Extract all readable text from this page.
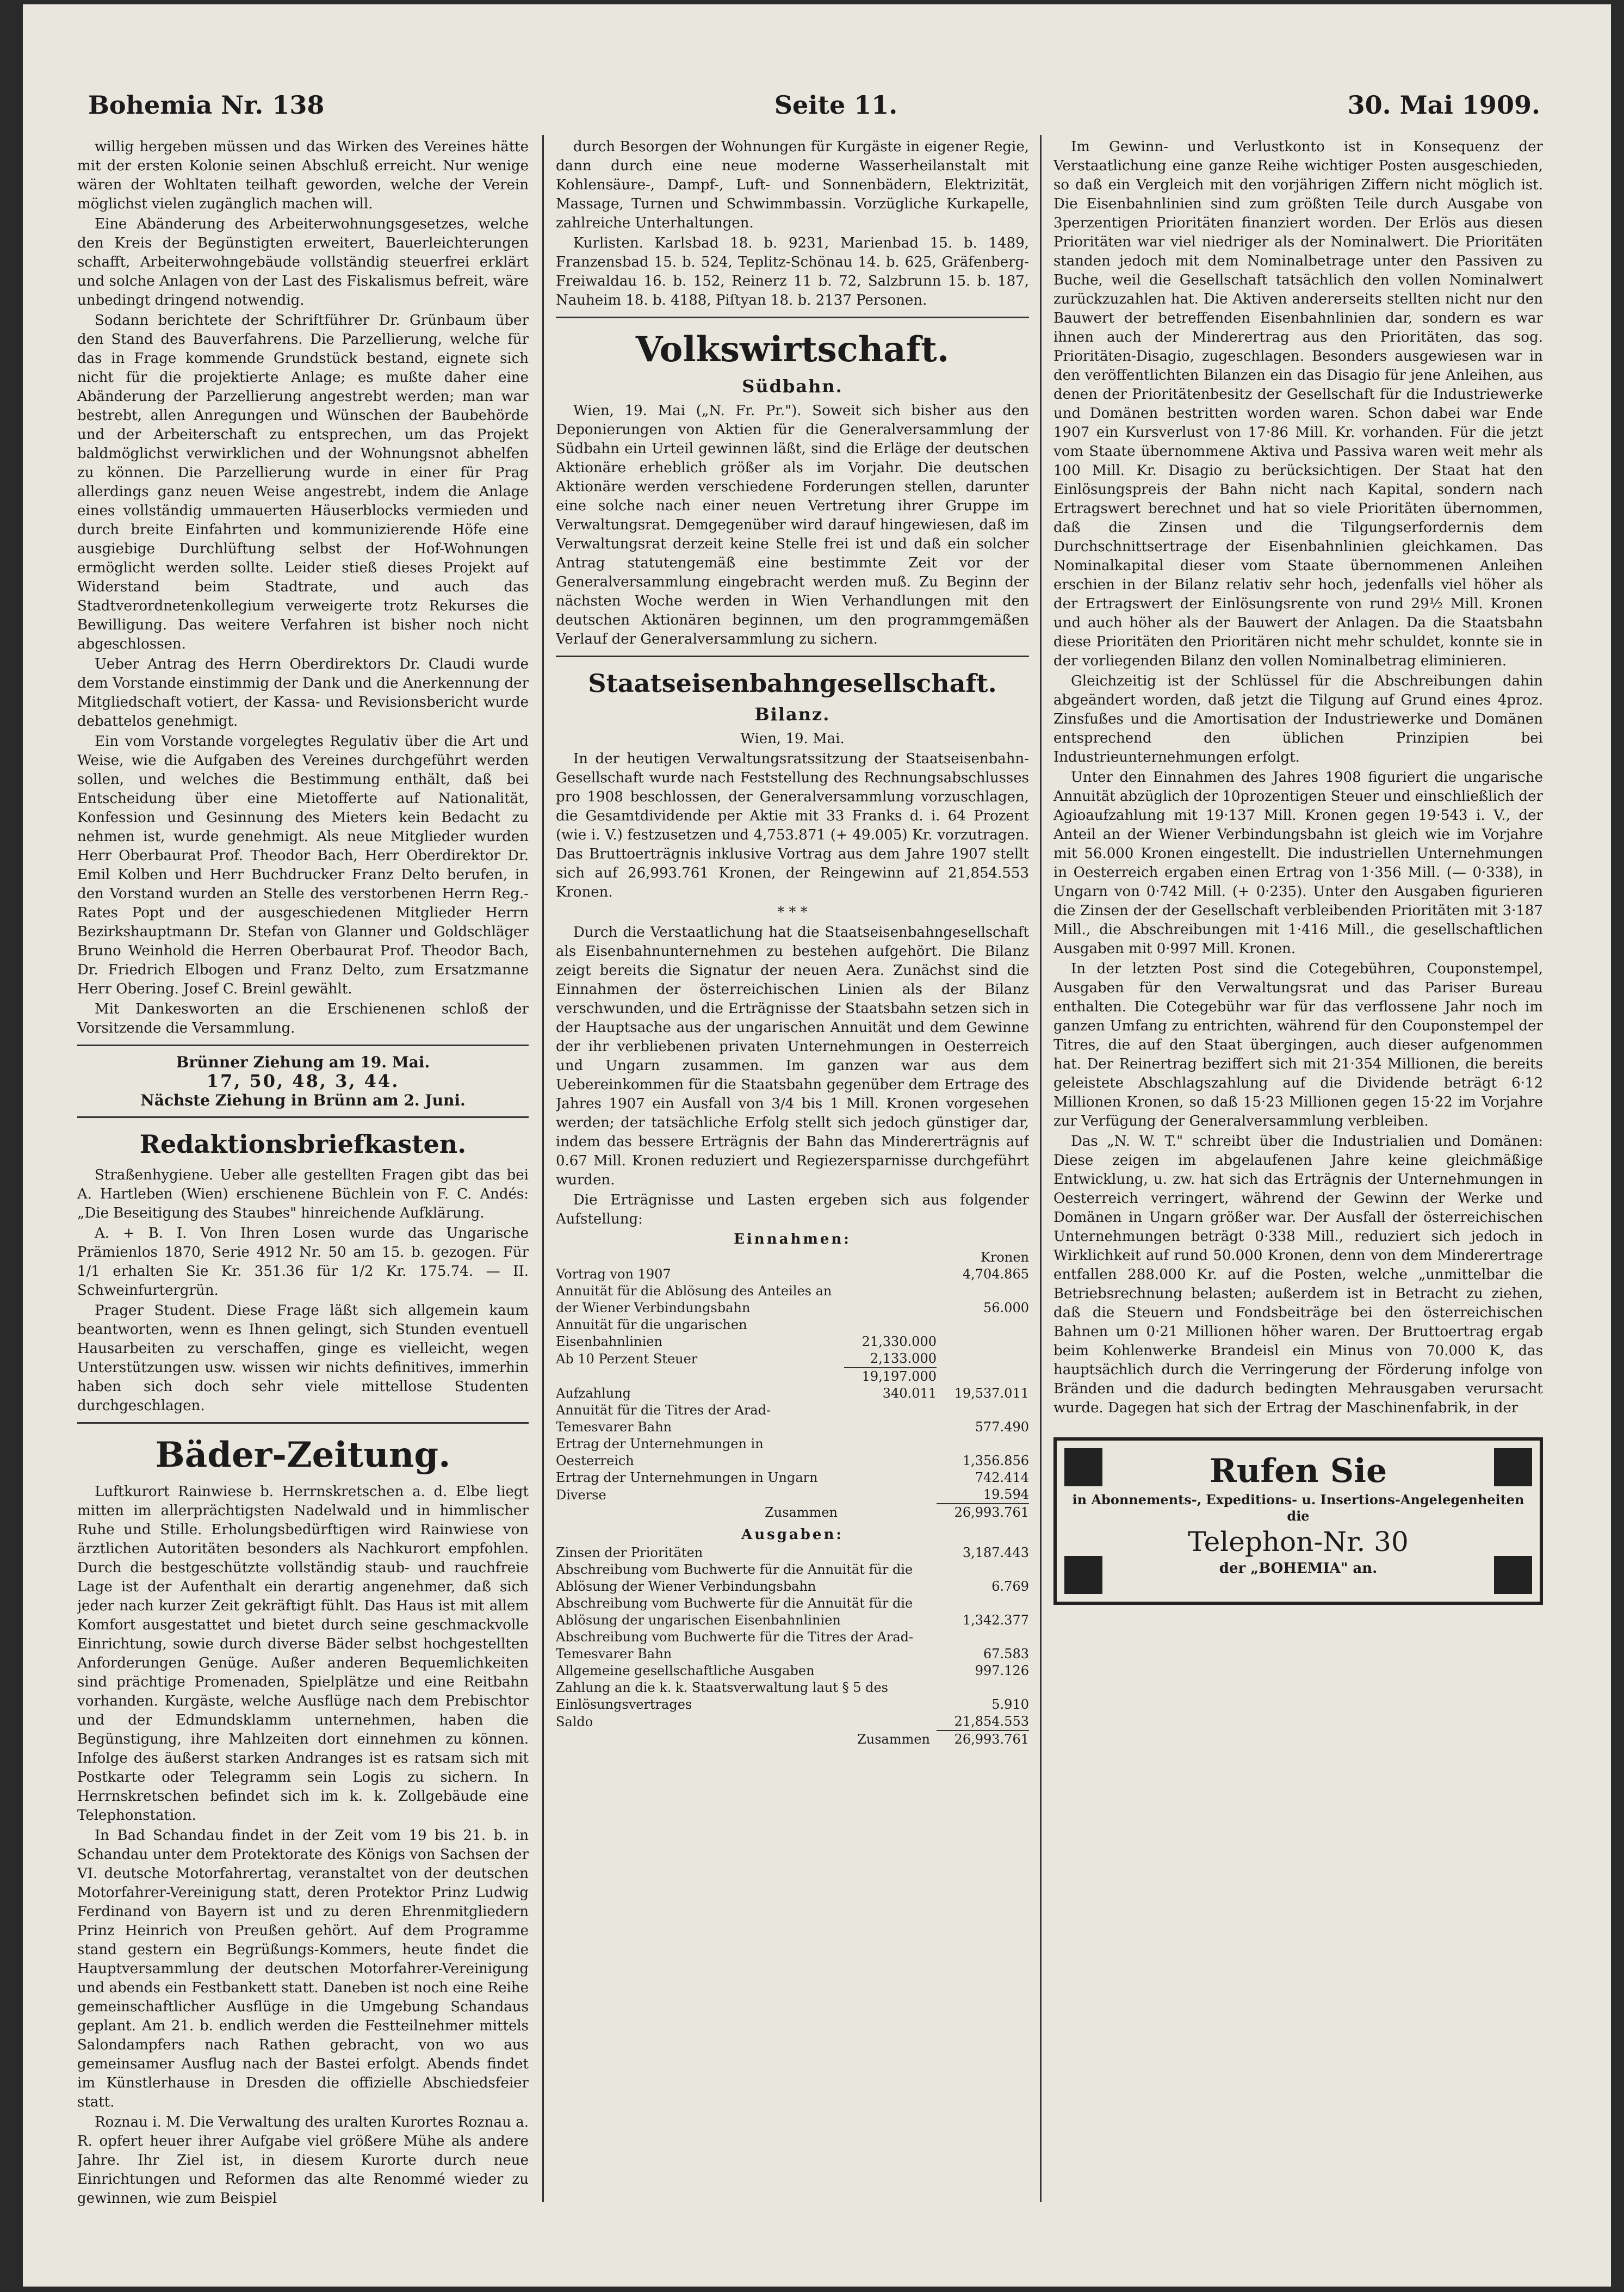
Bohemia Nr. 138	Seite 11.	30. Mai 1909.

willig hergeben müssen und das Wirken des Vereines hätte mit der ersten Kolonie seinen Abschluß erreicht. Nur wenige wären der Wohltaten teilhaft geworden, welche der Verein möglichst vielen zugänglich machen will.

Eine Abänderung des Arbeiterwohnungsgesetzes, welche den Kreis der Begünstigten erweitert, Bauerleichterungen schafft, Arbeiterwohngebäude vollständig steuerfrei erklärt und solche Anlagen von der Last des Fiskalismus befreit, wäre unbedingt dringend notwendig.

Sodann berichtete der Schriftführer Dr. Grünbaum über den Stand des Bauverfahrens. Die Parzellierung, welche für das in Frage kommende Grundstück bestand, eignete sich nicht für die projektierte Anlage; es mußte daher eine Abänderung der Parzellierung angestrebt werden; man war bestrebt, allen Anregungen und Wünschen der Baubehörde und der Arbeiterschaft zu entsprechen, um das Projekt baldmöglichst verwirklichen und der Wohnungsnot abhelfen zu können. Die Parzellierung wurde in einer für Prag allerdings ganz neuen Weise angestrebt, indem die Anlage eines vollständig ummauerten Häuserblocks vermieden und durch breite Einfahrten und kommunizierende Höfe eine ausgiebige Durchlüftung selbst der Hof-Wohnungen ermöglicht werden sollte. Leider stieß dieses Projekt auf Widerstand beim Stadtrate, und auch das Stadtverordnetenkollegium verweigerte trotz Rekurses die Bewilligung. Das weitere Verfahren ist bisher noch nicht abgeschlossen.

Ueber Antrag des Herrn Oberdirektors Dr. Claudi wurde dem Vorstande einstimmig der Dank und die Anerkennung der Mitgliedschaft votiert, der Kassa- und Revisionsbericht wurde debattelos genehmigt.

Ein vom Vorstande vorgelegtes Regulativ über die Art und Weise, wie die Aufgaben des Vereines durchgeführt werden sollen, und welches die Bestimmung enthält, daß bei Entscheidung über eine Mietofferte auf Nationalität, Konfession und Gesinnung des Mieters kein Bedacht zu nehmen ist, wurde genehmigt. Als neue Mitglieder wurden Herr Oberbaurat Prof. Theodor Bach, Herr Oberdirektor Dr. Emil Kolben und Herr Buchdrucker Franz Delto berufen, in den Vorstand wurden an Stelle des verstorbenen Herrn Reg.-Rates Popt und der ausgeschiedenen Mitglieder Herrn Bezirkshauptmann Dr. Stefan von Glanner und Goldschläger Bruno Weinhold die Herren Oberbaurat Prof. Theodor Bach, Dr. Friedrich Elbogen und Franz Delto, zum Ersatzmanne Herr Obering. Josef C. Breinl gewählt.

Mit Dankesworten an die Erschienenen schloß der Vorsitzende die Versammlung.

Brünner Ziehung am 19. Mai.
17, 50, 48, 3, 44.
Nächste Ziehung in Brünn am 2. Juni.
Redaktionsbriefkasten.

Straßenhygiene. Ueber alle gestellten Fragen gibt das bei A. Hartleben (Wien) erschienene Büchlein von F. C. Andés: „Die Beseitigung des Staubes" hinreichende Aufklärung.

A. + B. I. Von Ihren Losen wurde das Ungarische Prämienlos 1870, Serie 4912 Nr. 50 am 15. b. gezogen. Für 1/1 erhalten Sie Kr. 351.36 für 1/2 Kr. 175.74. — II. Schweinfurtergrün.

Prager Student. Diese Frage läßt sich allgemein kaum beantworten, wenn es Ihnen gelingt, sich Stunden eventuell Hausarbeiten zu verschaffen, ginge es vielleicht, wegen Unterstützungen usw. wissen wir nichts definitives, immerhin haben sich doch sehr viele mittellose Studenten durchgeschlagen.

Bäder-Zeitung.

Luftkurort Rainwiese b. Herrnskretschen a. d. Elbe liegt mitten im allerprächtigsten Nadelwald und in himmlischer Ruhe und Stille. Erholungsbedürftigen wird Rainwiese von ärztlichen Autoritäten besonders als Nachkurort empfohlen. Durch die bestgeschützte vollständig staub- und rauchfreie Lage ist der Aufenthalt ein derartig angenehmer, daß sich jeder nach kurzer Zeit gekräftigt fühlt. Das Haus ist mit allem Komfort ausgestattet und bietet durch seine geschmackvolle Einrichtung, sowie durch diverse Bäder selbst hochgestellten Anforderungen Genüge. Außer anderen Bequemlichkeiten sind prächtige Promenaden, Spielplätze und eine Reitbahn vorhanden. Kurgäste, welche Ausflüge nach dem Prebischtor und der Edmundsklamm unternehmen, haben die Begünstigung, ihre Mahlzeiten dort einnehmen zu können. Infolge des äußerst starken Andranges ist es ratsam sich mit Postkarte oder Telegramm sein Logis zu sichern. In Herrnskretschen befindet sich im k. k. Zollgebäude eine Telephonstation.

In Bad Schandau findet in der Zeit vom 19 bis 21. b. in Schandau unter dem Protektorate des Königs von Sachsen der VI. deutsche Motorfahrertag, veranstaltet von der deutschen Motorfahrer-Vereinigung statt, deren Protektor Prinz Ludwig Ferdinand von Bayern ist und zu deren Ehrenmitgliedern Prinz Heinrich von Preußen gehört. Auf dem Programme stand gestern ein Begrüßungs-Kommers, heute findet die Hauptversammlung der deutschen Motorfahrer-Vereinigung und abends ein Festbankett statt. Daneben ist noch eine Reihe gemeinschaftlicher Ausflüge in die Umgebung Schandaus geplant. Am 21. b. endlich werden die Festteilnehmer mittels Salondampfers nach Rathen gebracht, von wo aus gemeinsamer Ausflug nach der Bastei erfolgt. Abends findet im Künstlerhause in Dresden die offizielle Abschiedsfeier statt.

Roznau i. M. Die Verwaltung des uralten Kurortes Roznau a. R. opfert heuer ihrer Aufgabe viel größere Mühe als andere Jahre. Ihr Ziel ist, in diesem Kurorte durch neue Einrichtungen und Reformen das alte Renommé wieder zu gewinnen, wie zum Beispiel

durch Besorgen der Wohnungen für Kurgäste in eigener Regie, dann durch eine neue moderne Wasserheilanstalt mit Kohlensäure-, Dampf-, Luft- und Sonnenbädern, Elektrizität, Massage, Turnen und Schwimmbassin. Vorzügliche Kurkapelle, zahlreiche Unterhaltungen.

Kurlisten. Karlsbad 18. b. 9231, Marienbad 15. b. 1489, Franzensbad 15. b. 524, Teplitz-Schönau 14. b. 625, Gräfenberg-Freiwaldau 16. b. 152, Reinerz 11 b. 72, Salzbrunn 15. b. 187, Nauheim 18. b. 4188, Piſtyan 18. b. 2137 Personen.

Volkswirtschaft.
Südbahn.

Wien, 19. Mai („N. Fr. Pr."). Soweit sich bisher aus den Deponierungen von Aktien für die Generalversammlung der Südbahn ein Urteil gewinnen läßt, sind die Erläge der deutschen Aktionäre erheblich größer als im Vorjahr. Die deutschen Aktionäre werden verschiedene Forderungen stellen, darunter eine solche nach einer neuen Vertretung ihrer Gruppe im Verwaltungsrat. Demgegenüber wird darauf hingewiesen, daß im Verwaltungsrat derzeit keine Stelle frei ist und daß ein solcher Antrag statutengemäß eine bestimmte Zeit vor der Generalversammlung eingebracht werden muß. Zu Beginn der nächsten Woche werden in Wien Verhandlungen mit den deutschen Aktionären beginnen, um den programmgemäßen Verlauf der Generalversammlung zu sichern.

Staatseisenbahngesellschaft.
Bilanz.

Wien, 19. Mai.

In der heutigen Verwaltungsratssitzung der Staatseisenbahn-Gesellschaft wurde nach Feststellung des Rechnungsabschlusses pro 1908 beschlossen, der Generalversammlung vorzuschlagen, die Gesamtdividende per Aktie mit 33 Franks d. i. 64 Prozent (wie i. V.) festzusetzen und 4,753.871 (+ 49.005) Kr. vorzutragen. Das Bruttoerträgnis inklusive Vortrag aus dem Jahre 1907 stellt sich auf 26,993.761 Kronen, der Reingewinn auf 21,854.553 Kronen.

* * *

Durch die Verstaatlichung hat die Staatseisenbahngesellschaft als Eisenbahnunternehmen zu bestehen aufgehört. Die Bilanz zeigt bereits die Signatur der neuen Aera. Zunächst sind die Einnahmen der österreichischen Linien als der Bilanz verschwunden, und die Erträgnisse der Staatsbahn setzen sich in der Hauptsache aus der ungarischen Annuität und dem Gewinne der ihr verbliebenen privaten Unternehmungen in Oesterreich und Ungarn zusammen. Im ganzen war aus dem Uebereinkommen für die Staatsbahn gegenüber dem Ertrage des Jahres 1907 ein Ausfall von 3/4 bis 1 Mill. Kronen vorgesehen werden; der tatsächliche Erfolg stellt sich jedoch günstiger dar, indem das bessere Erträgnis der Bahn das Mindererträgnis auf 0.67 Mill. Kronen reduziert und Regiezersparnisse durchgeführt wurden.

Die Erträgnisse und Lasten ergeben sich aus folgender Aufstellung:

Einnahmen:
		Kronen
Vortrag von 1907		4,704.865
Annuität für die Ablösung des Anteiles an der Wiener Verbindungsbahn		56.000
Annuität für die ungarischen Eisenbahnlinien	21,330.000	
Ab 10 Perzent Steuer	2,133.000	
	19,197.000	
Aufzahlung	340.011	19,537.011
Annuität für die Titres der Arad-Temesvarer Bahn		577.490
Ertrag der Unternehmungen in Oesterreich		1,356.856
Ertrag der Unternehmungen in Ungarn		742.414
Diverse		19.594
Zusammen		26,993.761
Ausgaben:
Zinsen der Prioritäten	3,187.443
Abschreibung vom Buchwerte für die Annuität für die Ablösung der Wiener Verbindungsbahn	6.769
Abschreibung vom Buchwerte für die Annuität für die Ablösung der ungarischen Eisenbahnlinien	1,342.377
Abschreibung vom Buchwerte für die Titres der Arad-Temesvarer Bahn	67.583
Allgemeine gesellschaftliche Ausgaben	997.126
Zahlung an die k. k. Staatsverwaltung laut § 5 des Einlösungsvertrages	5.910
Saldo	21,854.553
Zusammen	26,993.761

Im Gewinn- und Verlustkonto ist in Konsequenz der Verstaatlichung eine ganze Reihe wichtiger Posten ausgeschieden, so daß ein Vergleich mit den vorjährigen Ziffern nicht möglich ist. Die Eisenbahnlinien sind zum größten Teile durch Ausgabe von 3perzentigen Prioritäten finanziert worden. Der Erlös aus diesen Prioritäten war viel niedriger als der Nominalwert. Die Prioritäten standen jedoch mit dem Nominalbetrage unter den Passiven zu Buche, weil die Gesellschaft tatsächlich den vollen Nominalwert zurückzuzahlen hat. Die Aktiven andererseits stellten nicht nur den Bauwert der betreffenden Eisenbahnlinien dar, sondern es war ihnen auch der Minderertrag aus den Prioritäten, das sog. Prioritäten-Disagio, zugeschlagen. Besonders ausgewiesen war in den veröffentlichten Bilanzen ein das Disagio für jene Anleihen, aus denen der Prioritätenbesitz der Gesellschaft für die Industriewerke und Domänen bestritten worden waren. Schon dabei war Ende 1907 ein Kursverlust von 17·86 Mill. Kr. vorhanden. Für die jetzt vom Staate übernommene Aktiva und Passiva waren weit mehr als 100 Mill. Kr. Disagio zu berücksichtigen. Der Staat hat den Einlösungspreis der Bahn nicht nach Kapital, sondern nach Ertragswert berechnet und hat so viele Prioritäten übernommen, daß die Zinsen und die Tilgungserfordernis dem Durchschnittsertrage der Eisenbahnlinien gleichkamen. Das Nominalkapital dieser vom Staate übernommenen Anleihen erschien in der Bilanz relativ sehr hoch, jedenfalls viel höher als der Ertragswert der Einlösungsrente von rund 29½ Mill. Kronen und auch höher als der Bauwert der Anlagen. Da die Staatsbahn diese Prioritäten den Prioritären nicht mehr schuldet, konnte sie in der vorliegenden Bilanz den vollen Nominalbetrag eliminieren.

Gleichzeitig ist der Schlüssel für die Abschreibungen dahin abgeändert worden, daß jetzt die Tilgung auf Grund eines 4proz. Zinsfußes und die Amortisation der Industriewerke und Domänen entsprechend den üblichen Prinzipien bei Industrieunternehmungen erfolgt.

Unter den Einnahmen des Jahres 1908 figuriert die ungarische Annuität abzüglich der 10prozentigen Steuer und einschließlich der Agioaufzahlung mit 19·137 Mill. Kronen gegen 19·543 i. V., der Anteil an der Wiener Verbindungsbahn ist gleich wie im Vorjahre mit 56.000 Kronen eingestellt. Die industriellen Unternehmungen in Oesterreich ergaben einen Ertrag von 1·356 Mill. (— 0·338), in Ungarn von 0·742 Mill. (+ 0·235). Unter den Ausgaben figurieren die Zinsen der der Gesellschaft verbleibenden Prioritäten mit 3·187 Mill., die Abschreibungen mit 1·416 Mill., die gesellschaftlichen Ausgaben mit 0·997 Mill. Kronen.

In der letzten Post sind die Cotegebühren, Couponstempel, Ausgaben für den Verwaltungsrat und das Pariser Bureau enthalten. Die Cotegebühr war für das verflossene Jahr noch im ganzen Umfang zu entrichten, während für den Couponstempel der Titres, die auf den Staat übergingen, auch dieser aufgenommen hat. Der Reinertrag beziffert sich mit 21·354 Millionen, die bereits geleistete Abschlagszahlung auf die Dividende beträgt 6·12 Millionen Kronen, so daß 15·23 Millionen gegen 15·22 im Vorjahre zur Verfügung der Generalversammlung verbleiben.

Das „N. W. T." schreibt über die Industrialien und Domänen: Diese zeigen im abgelaufenen Jahre keine gleichmäßige Entwicklung, u. zw. hat sich das Erträgnis der Unternehmungen in Oesterreich verringert, während der Gewinn der Werke und Domänen in Ungarn größer war. Der Ausfall der österreichischen Unternehmungen beträgt 0·338 Mill., reduziert sich jedoch in Wirklichkeit auf rund 50.000 Kronen, denn von dem Minderertrage entfallen 288.000 Kr. auf die Posten, welche „unmittelbar die Betriebsrechnung belasten; außerdem ist in Betracht zu ziehen, daß die Steuern und Fondsbeiträge bei den österreichischen Bahnen um 0·21 Millionen höher waren. Der Bruttoertrag ergab beim Kohlenwerke Brandeisl ein Minus von 70.000 K, das hauptsächlich durch die Verringerung der Förderung infolge von Bränden und die dadurch bedingten Mehrausgaben verursacht wurde. Dagegen hat sich der Ertrag der Maschinenfabrik, in der

Rufen Sie
in Abonnements-, Expeditions- u. Insertions-Angelegenheiten die
Telephon-Nr. 30
der „BOHEMIA" an.
